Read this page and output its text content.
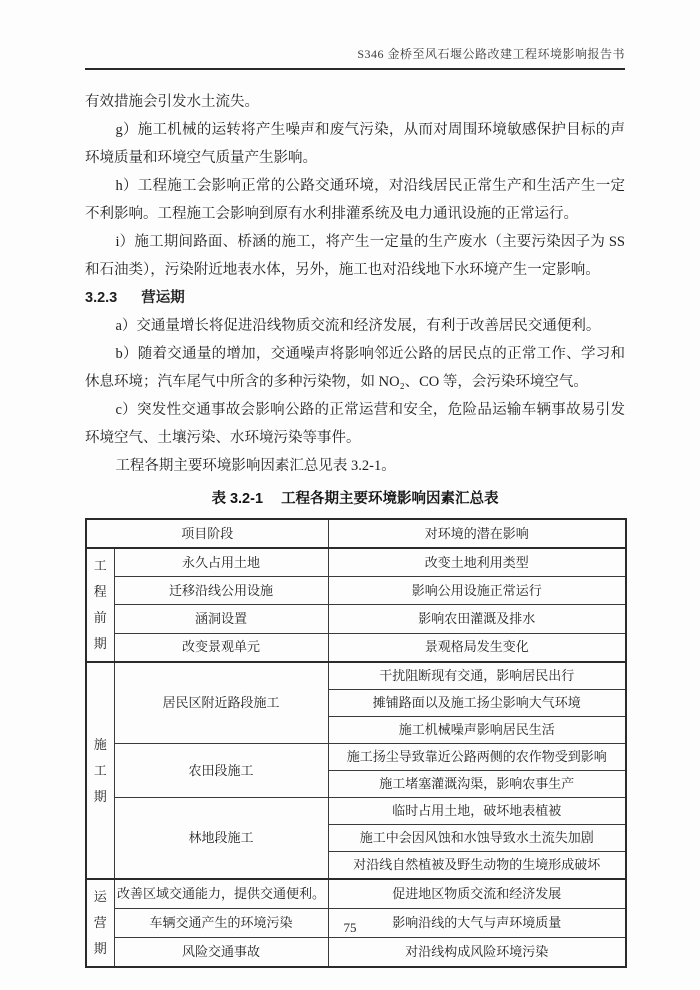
S346 金桥至风石堰公路改建工程环境影响报告书

有效措施会引发水土流失。

g）施工机械的运转将产生噪声和废气污染，从而对周围环境敏感保护目标的声环境质量和环境空气质量产生影响。

h）工程施工会影响正常的公路交通环境，对沿线居民正常生产和生活产生一定不利影响。工程施工会影响到原有水利排灌系统及电力通讯设施的正常运行。

i）施工期间路面、桥涵的施工，将产生一定量的生产废水（主要污染因子为 SS 和石油类），污染附近地表水体，另外，施工也对沿线地下水环境产生一定影响。

3.2.3 营运期

a）交通量增长将促进沿线物质交流和经济发展，有利于改善居民交通便利。

b）随着交通量的增加，交通噪声将影响邻近公路的居民点的正常工作、学习和休息环境；汽车尾气中所含的多种污染物，如 NO₂、CO 等，会污染环境空气。

c）突发性交通事故会影响公路的正常运营和安全，危险品运输车辆事故易引发环境空气、土壤污染、水环境污染等事件。

工程各期主要环境影响因素汇总见表 3.2-1。

表 3.2-1 工程各期主要环境影响因素汇总表
项目阶段		对环境的潜在影响

工程前期	永久占用土地	改变土地利用类型
	迁移沿线公用设施	影响公用设施正常运行
	涵洞设置	影响农田灌溉及排水
	改变景观单元	景观格局发生变化

施工期	居民区附近路段施工	干扰阻断现有交通，影响居民出行
		摊铺路面以及施工扬尘影响大气环境
		施工机械噪声影响居民生活
	农田段施工	施工扬尘导致靠近公路两侧的农作物受到影响
		施工堵塞灌溉沟渠，影响农事生产
	林地段施工	临时占用土地，破坏地表植被
		施工中会因风蚀和水蚀导致水土流失加剧
		对沿线自然植被及野生动物的生境形成破坏

运营期	改善区域交通能力，提供交通便利。	促进地区物质交流和经济发展
	车辆交通产生的环境污染	影响沿线的大气与声环境质量
	风险交通事故	对沿线构成风险环境污染
75
